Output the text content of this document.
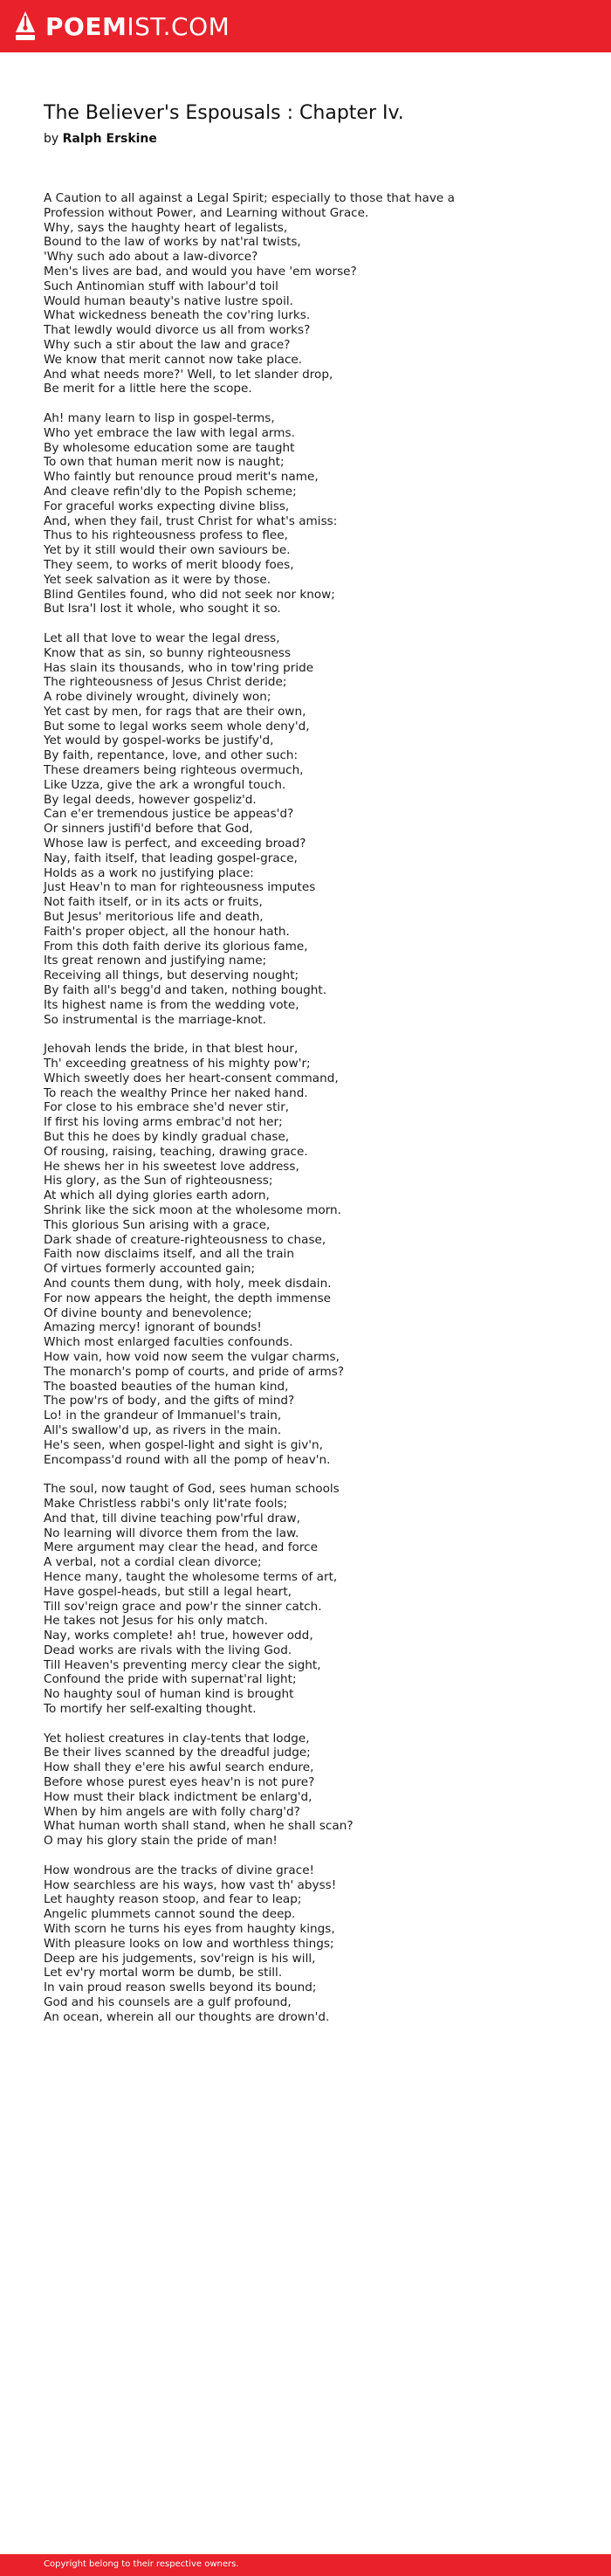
POEMIST.COM
The Believer's Espousals : Chapter Iv.
by Ralph Erskine
A Caution to all against a Legal Spirit; especially to those that have a
Profession without Power, and Learning without Grace.
Why, says the haughty heart of legalists,
Bound to the law of works by nat'ral twists,
'Why such ado about a law-divorce?
Men's lives are bad, and would you have 'em worse?
Such Antinomian stuff with labour'd toil
Would human beauty's native lustre spoil.
What wickedness beneath the cov'ring lurks.
That lewdly would divorce us all from works?
Why such a stir about the law and grace?
We know that merit cannot now take place.
And what needs more?' Well, to let slander drop,
Be merit for a little here the scope.
Ah! many learn to lisp in gospel-terms,
Who yet embrace the law with legal arms.
By wholesome education some are taught
To own that human merit now is naught;
Who faintly but renounce proud merit's name,
And cleave refin'dly to the Popish scheme;
For graceful works expecting divine bliss,
And, when they fail, trust Christ for what's amiss:
Thus to his righteousness profess to flee,
Yet by it still would their own saviours be.
They seem, to works of merit bloody foes,
Yet seek salvation as it were by those.
Blind Gentiles found, who did not seek nor know;
But Isra'l lost it whole, who sought it so.
Let all that love to wear the legal dress,
Know that as sin, so bunny righteousness
Has slain its thousands, who in tow'ring pride
The righteousness of Jesus Christ deride;
A robe divinely wrought, divinely won;
Yet cast by men, for rags that are their own,
But some to legal works seem whole deny'd,
Yet would by gospel-works be justify'd,
By faith, repentance, love, and other such:
These dreamers being righteous overmuch,
Like Uzza, give the ark a wrongful touch.
By legal deeds, however gospeliz'd.
Can e'er tremendous justice be appeas'd?
Or sinners justifi'd before that God,
Whose law is perfect, and exceeding broad?
Nay, faith itself, that leading gospel-grace,
Holds as a work no justifying place:
Just Heav'n to man for righteousness imputes
Not faith itself, or in its acts or fruits,
But Jesus' meritorious life and death,
Faith's proper object, all the honour hath.
From this doth faith derive its glorious fame,
Its great renown and justifying name;
Receiving all things, but deserving nought;
By faith all's begg'd and taken, nothing bought.
Its highest name is from the wedding vote,
So instrumental is the marriage-knot.
Jehovah lends the bride, in that blest hour,
Th' exceeding greatness of his mighty pow'r;
Which sweetly does her heart-consent command,
To reach the wealthy Prince her naked hand.
For close to his embrace she'd never stir,
If first his loving arms embrac'd not her;
But this he does by kindly gradual chase,
Of rousing, raising, teaching, drawing grace.
He shews her in his sweetest love address,
His glory, as the Sun of righteousness;
At which all dying glories earth adorn,
Shrink like the sick moon at the wholesome morn.
This glorious Sun arising with a grace,
Dark shade of creature-righteousness to chase,
Faith now disclaims itself, and all the train
Of virtues formerly accounted gain;
And counts them dung, with holy, meek disdain.
For now appears the height, the depth immense
Of divine bounty and benevolence;
Amazing mercy! ignorant of bounds!
Which most enlarged faculties confounds.
How vain, how void now seem the vulgar charms,
The monarch's pomp of courts, and pride of arms?
The boasted beauties of the human kind,
The pow'rs of body, and the gifts of mind?
Lo! in the grandeur of Immanuel's train,
All's swallow'd up, as rivers in the main.
He's seen, when gospel-light and sight is giv'n,
Encompass'd round with all the pomp of heav'n.
The soul, now taught of God, sees human schools
Make Christless rabbi's only lit'rate fools;
And that, till divine teaching pow'rful draw,
No learning will divorce them from the law.
Mere argument may clear the head, and force
A verbal, not a cordial clean divorce;
Hence many, taught the wholesome terms of art,
Have gospel-heads, but still a legal heart,
Till sov'reign grace and pow'r the sinner catch.
He takes not Jesus for his only match.
Nay, works complete! ah! true, however odd,
Dead works are rivals with the living God.
Till Heaven's preventing mercy clear the sight,
Confound the pride with supernat'ral light;
No haughty soul of human kind is brought
To mortify her self-exalting thought.
Yet holiest creatures in clay-tents that lodge,
Be their lives scanned by the dreadful judge;
How shall they e'ere his awful search endure,
Before whose purest eyes heav'n is not pure?
How must their black indictment be enlarg'd,
When by him angels are with folly charg'd?
What human worth shall stand, when he shall scan?
O may his glory stain the pride of man!
How wondrous are the tracks of divine grace!
How searchless are his ways, how vast th' abyss!
Let haughty reason stoop, and fear to leap;
Angelic plummets cannot sound the deep.
With scorn he turns his eyes from haughty kings,
With pleasure looks on low and worthless things;
Deep are his judgements, sov'reign is his will,
Let ev'ry mortal worm be dumb, be still.
In vain proud reason swells beyond its bound;
God and his counsels are a gulf profound,
An ocean, wherein all our thoughts are drown'd.
Copyright belong to their respective owners.
